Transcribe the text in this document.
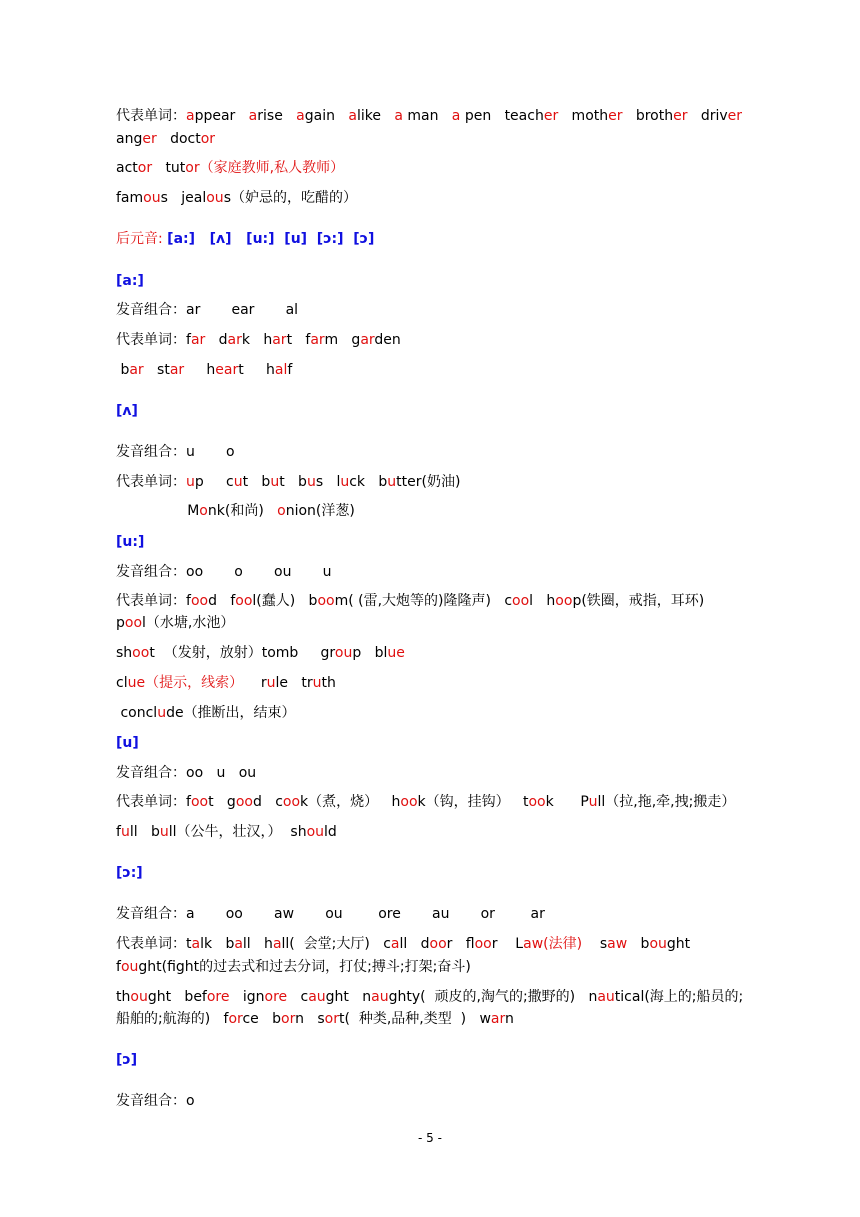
代表单词：appear   arise   again   alike   a man   a pen   teacher   mother   brother   driver
anger   doctor
actor   tutor（家庭教师,私人教师）
famous   jealous（妒忌的，吃醋的）
后元音: [a:]   [ʌ]   [u:]  [u]  [ɔ:]  [ɔ]
[a:]
发音组合：ar       ear       al
代表单词：far   dark   hart   farm   garden
bar   star     heart     half
[ʌ]
发音组合：u       o
代表单词：up     cut   but   bus   luck   butter(奶油)
Monk(和尚)   onion(洋葱)
[u:]
发音组合：oo       o       ou       u
代表单词：food   fool(蠢人)   boom( (雷,大炮等的)隆隆声)   cool   hoop(铁圈，戒指，耳环)
pool（水塘,水池）
shoot  （发射，放射）tomb     group   blue
clue（提示，线索）    rule   truth
conclude（推断出，结束）
[u]
发音组合：oo   u   ou
代表单词：foot   good   cook（煮，烧）   hook（钩，挂钩）   took      Pull（拉,拖,牵,拽;搬走）
full   bull（公牛，壮汉，）  should
[ɔ:]
发音组合：a       oo       aw       ou        ore       au       or        ar
代表单词：talk   ball   hall(  会堂;大厅)   call   door   floor    Law(法律)    saw   bought
fought(fight的过去式和过去分词，打仗;搏斗;打架;奋斗)
thought   before   ignore   caught   naughty(  顽皮的,淘气的;撒野的)   nautical(海上的;船员的;
船舶的;航海的)   force   born   sort(  种类,品种,类型  )   warn
[ɔ]
发音组合：o
- 5 -
